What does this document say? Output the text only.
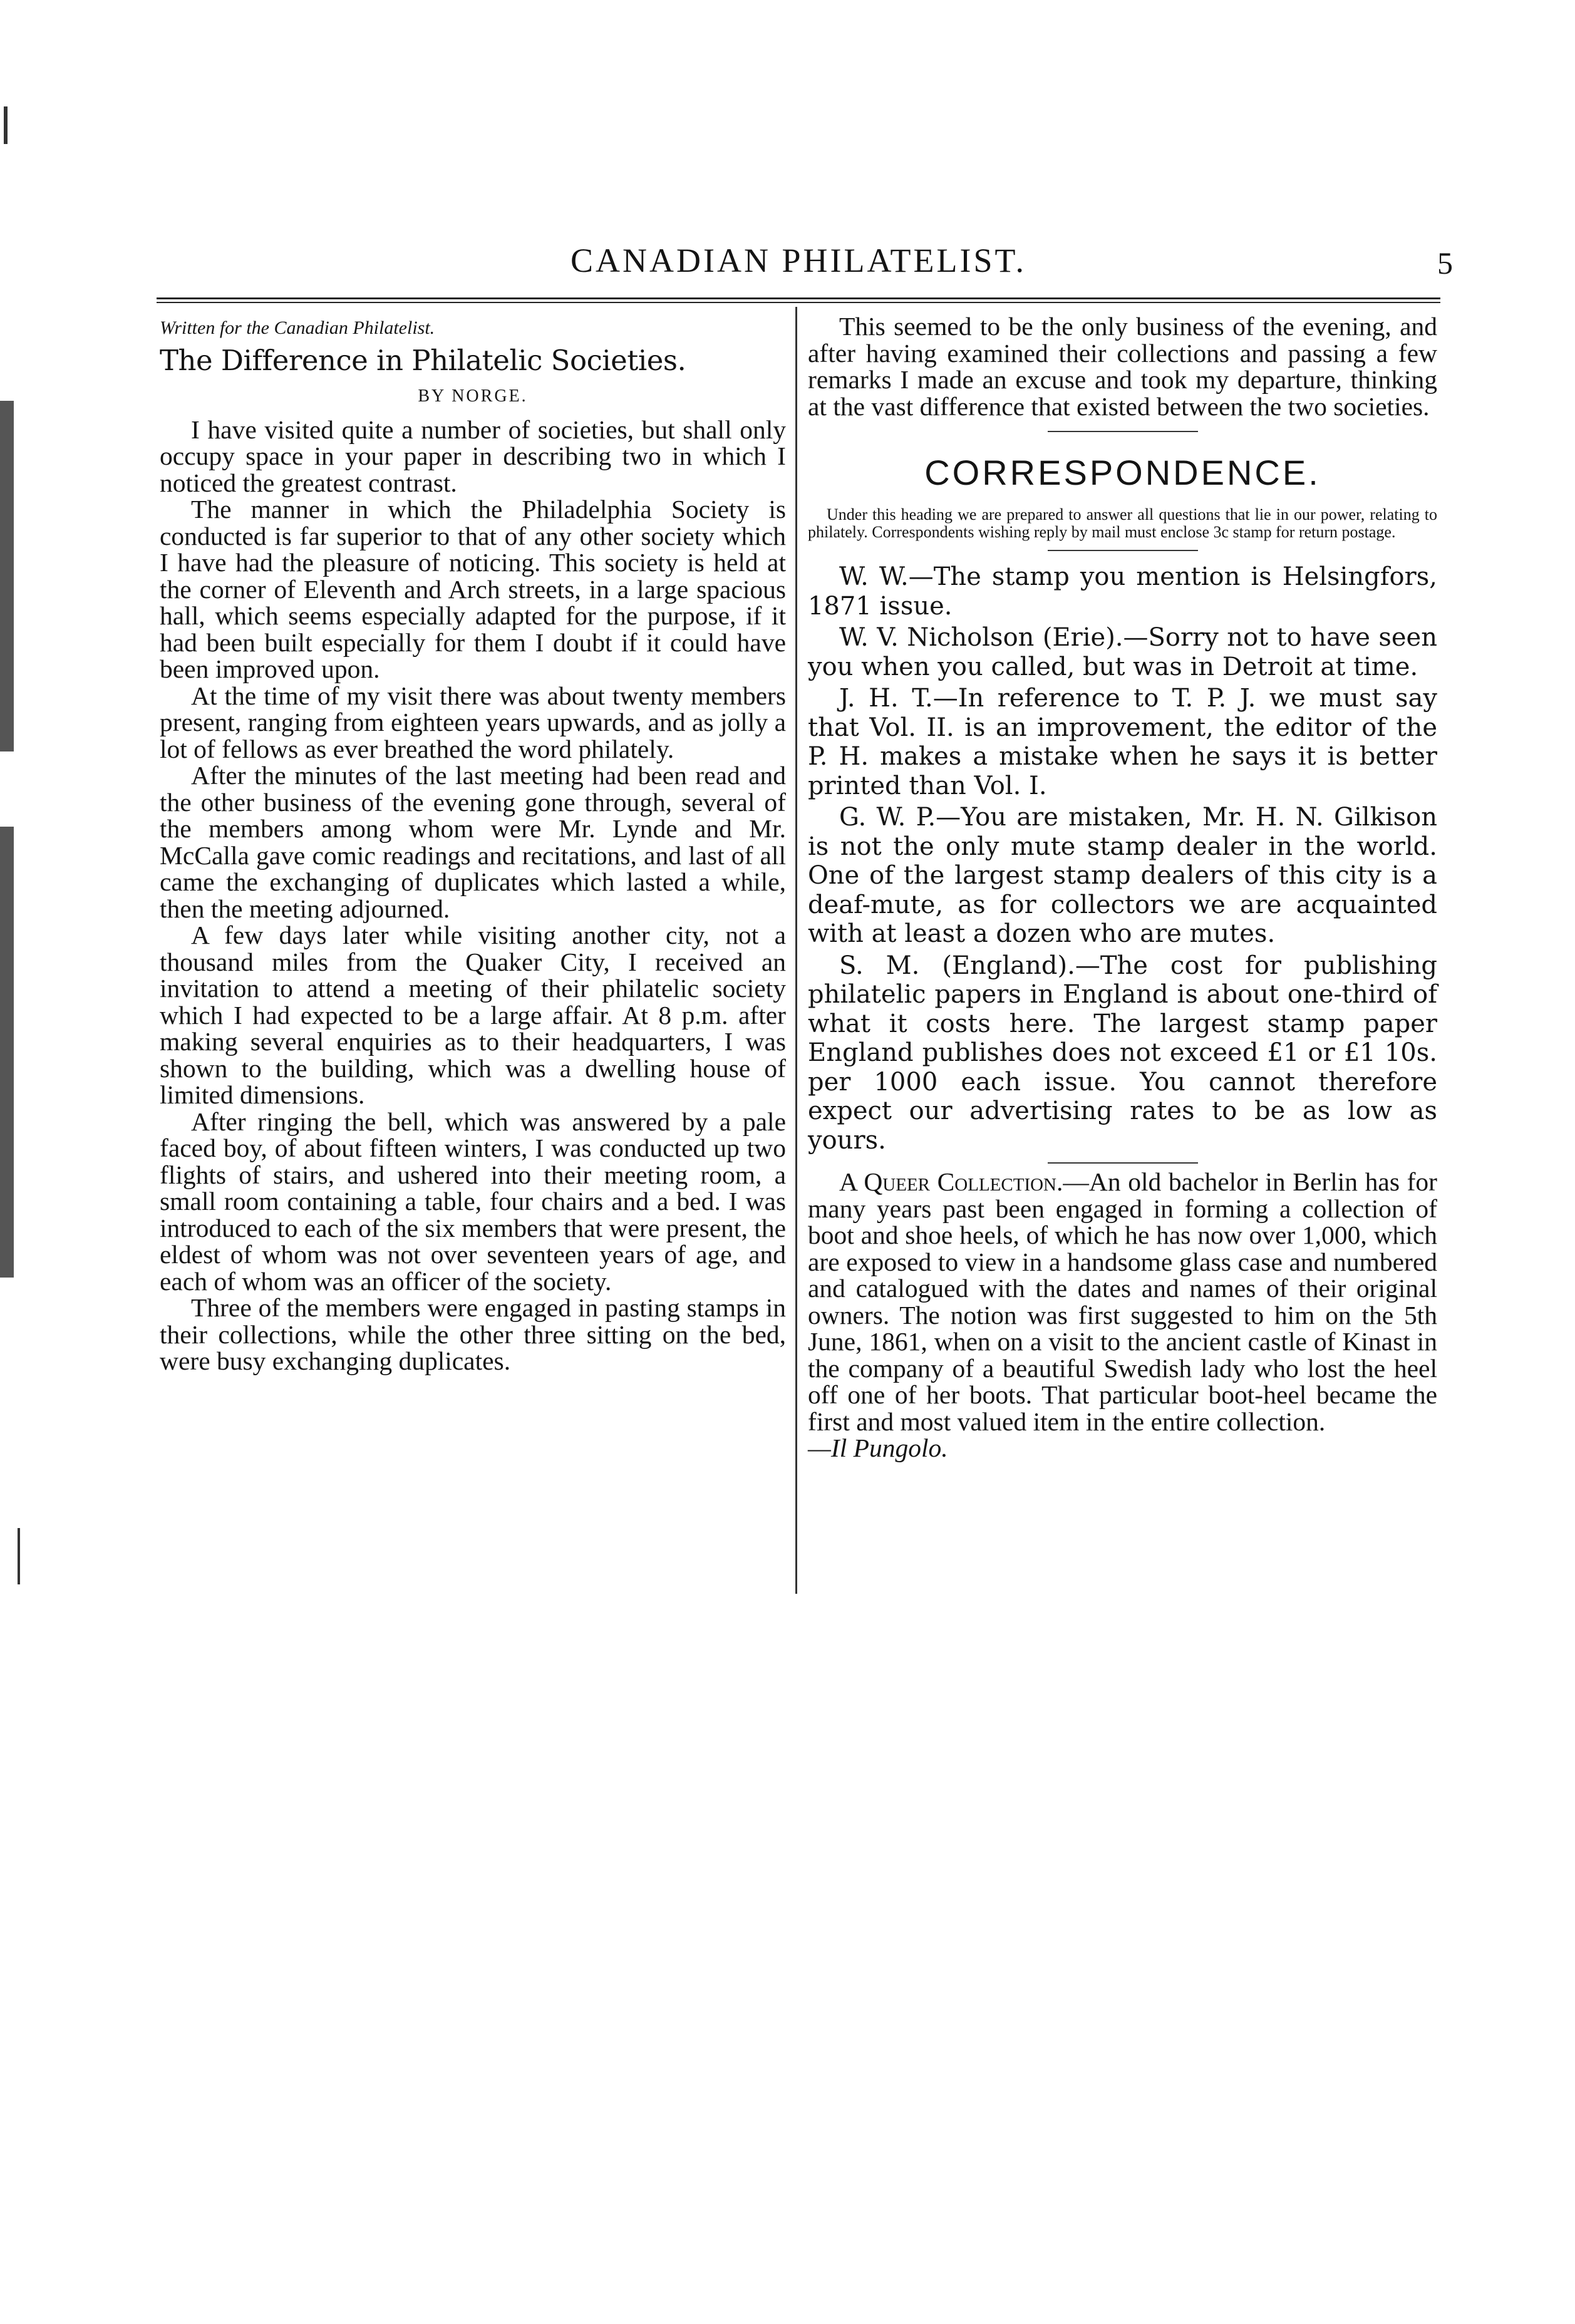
CANADIAN PHILATELIST.	5
Written for the Canadian Philatelist.
The Difference in Philatelic Societies.
BY NORGE.

I have visited quite a number of societies, but shall only occupy space in your paper in describing two in which I noticed the greatest contrast.

The manner in which the Philadelphia Society is conducted is far superior to that of any other society which I have had the pleasure of noticing. This society is held at the corner of Eleventh and Arch streets, in a large spacious hall, which seems especially adapted for the purpose, if it had been built especially for them I doubt if it could have been improved upon.

At the time of my visit there was about twenty members present, ranging from eighteen years upwards, and as jolly a lot of fellows as ever breathed the word philately.

After the minutes of the last meeting had been read and the other business of the evening gone through, several of the members among whom were Mr. Lynde and Mr. McCalla gave comic readings and recitations, and last of all came the exchanging of duplicates which lasted a while, then the meeting adjourned.

A few days later while visiting another city, not a thousand miles from the Quaker City, I received an invitation to attend a meeting of their philatelic society which I had expected to be a large affair. At 8 p.m. after making several enquiries as to their headquarters, I was shown to the building, which was a dwelling house of limited dimensions.

After ringing the bell, which was answered by a pale faced boy, of about fifteen winters, I was conducted up two flights of stairs, and ushered into their meeting room, a small room containing a table, four chairs and a bed. I was introduced to each of the six members that were present, the eldest of whom was not over seventeen years of age, and each of whom was an officer of the society.

Three of the members were engaged in pasting stamps in their collections, while the other three sitting on the bed, were busy exchanging duplicates.

This seemed to be the only business of the evening, and after having examined their collections and passing a few remarks I made an excuse and took my departure, thinking at the vast difference that existed between the two societies.

CORRESPONDENCE.

Under this heading we are prepared to answer all questions that lie in our power, relating to philately. Correspondents wishing reply by mail must enclose 3c stamp for return postage.

W. W.—The stamp you mention is Helsingfors, 1871 issue.

W. V. Nicholson (Erie).—Sorry not to have seen you when you called, but was in Detroit at time.

J. H. T.—In reference to T. P. J. we must say that Vol. II. is an improvement, the editor of the P. H. makes a mistake when he says it is better printed than Vol. I.

G. W. P.—You are mistaken, Mr. H. N. Gilkison is not the only mute stamp dealer in the world. One of the largest stamp dealers of this city is a deaf-mute, as for collectors we are acquainted with at least a dozen who are mutes.

S. M. (England).—The cost for publishing philatelic papers in England is about one-third of what it costs here. The largest stamp paper England publishes does not exceed £1 or £1 10s. per 1000 each issue. You cannot therefore expect our advertising rates to be as low as yours.

A Queer Collection.—An old bachelor in Berlin has for many years past been engaged in forming a collection of boot and shoe heels, of which he has now over 1,000, which are exposed to view in a handsome glass case and numbered and catalogued with the dates and names of their original owners. The notion was first suggested to him on the 5th June, 1861, when on a visit to the ancient castle of Kinast in the company of a beautiful Swedish lady who lost the heel off one of her boots. That particular boot-heel became the first and most valued item in the entire collection.

—Il Pungolo.
